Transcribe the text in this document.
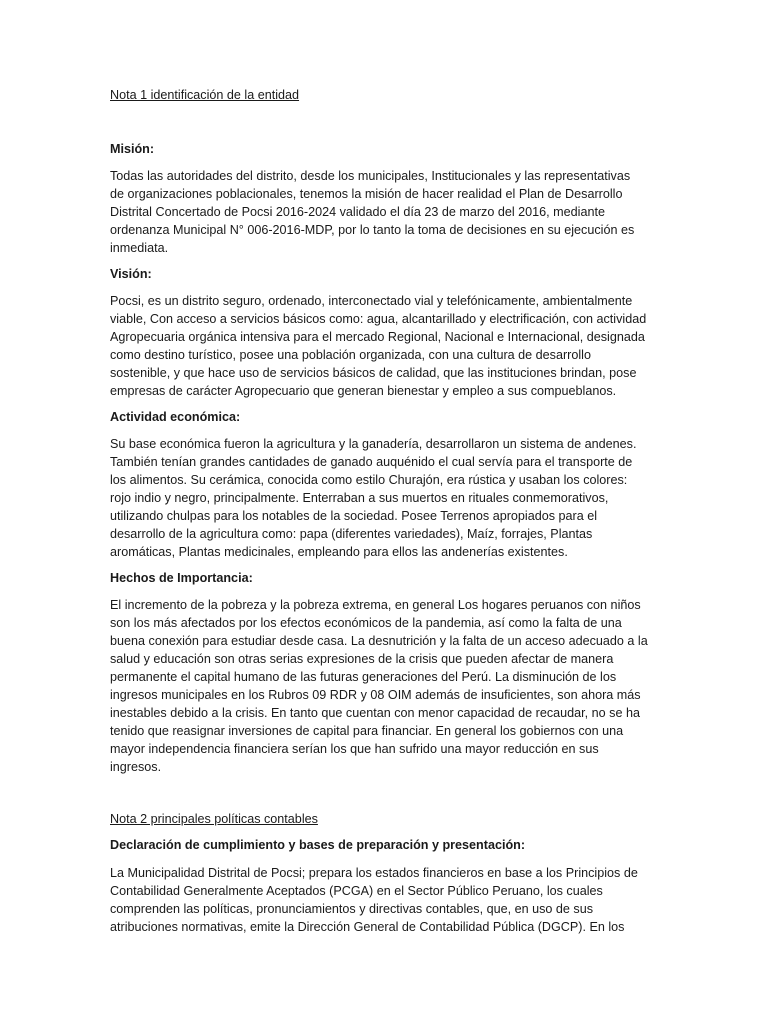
Nota 1 identificación de la entidad

Misión:

Todas las autoridades del distrito, desde los municipales, Institucionales y las representativas
de organizaciones poblacionales, tenemos la misión de hacer realidad el Plan de Desarrollo
Distrital Concertado de Pocsi 2016-2024 validado el día 23 de marzo del 2016, mediante
ordenanza Municipal N° 006-2016-MDP, por lo tanto la toma de decisiones en su ejecución es
inmediata.

Visión:

Pocsi, es un distrito seguro, ordenado, interconectado vial y telefónicamente, ambientalmente
viable, Con acceso a servicios básicos como: agua, alcantarillado y electrificación, con actividad
Agropecuaria orgánica intensiva para el mercado Regional, Nacional e Internacional, designada
como destino turístico, posee una población organizada, con una cultura de desarrollo
sostenible, y que hace uso de servicios básicos de calidad, que las instituciones brindan, pose
empresas de carácter Agropecuario que generan bienestar y empleo a sus compueblanos.

Actividad económica:

Su base económica fueron la agricultura y la ganadería, desarrollaron un sistema de andenes.
También tenían grandes cantidades de ganado auquénido el cual servía para el transporte de
los alimentos. Su cerámica, conocida como estilo Churajón, era rústica y usaban los colores:
rojo indio y negro, principalmente. Enterraban a sus muertos en rituales conmemorativos,
utilizando chulpas para los notables de la sociedad. Posee Terrenos apropiados para el
desarrollo de la agricultura como: papa (diferentes variedades), Maíz, forrajes, Plantas
aromáticas, Plantas medicinales, empleando para ellos las andenerías existentes.

Hechos de Importancia:

El incremento de la pobreza y la pobreza extrema, en general Los hogares peruanos con niños
son los más afectados por los efectos económicos de la pandemia, así como la falta de una
buena conexión para estudiar desde casa. La desnutrición y la falta de un acceso adecuado a la
salud y educación son otras serias expresiones de la crisis que pueden afectar de manera
permanente el capital humano de las futuras generaciones del Perú. La disminución de los
ingresos municipales en los Rubros 09 RDR y 08 OIM además de insuficientes, son ahora más
inestables debido a la crisis. En tanto que cuentan con menor capacidad de recaudar, no se ha
tenido que reasignar inversiones de capital para financiar. En general los gobiernos con una
mayor independencia financiera serían los que han sufrido una mayor reducción en sus
ingresos.

Nota 2 principales políticas contables

Declaración de cumplimiento y bases de preparación y presentación:

La Municipalidad Distrital de Pocsi; prepara los estados financieros en base a los Principios de
Contabilidad Generalmente Aceptados (PCGA) en el Sector Público Peruano, los cuales
comprenden las políticas, pronunciamientos y directivas contables, que, en uso de sus
atribuciones normativas, emite la Dirección General de Contabilidad Pública (DGCP). En los
